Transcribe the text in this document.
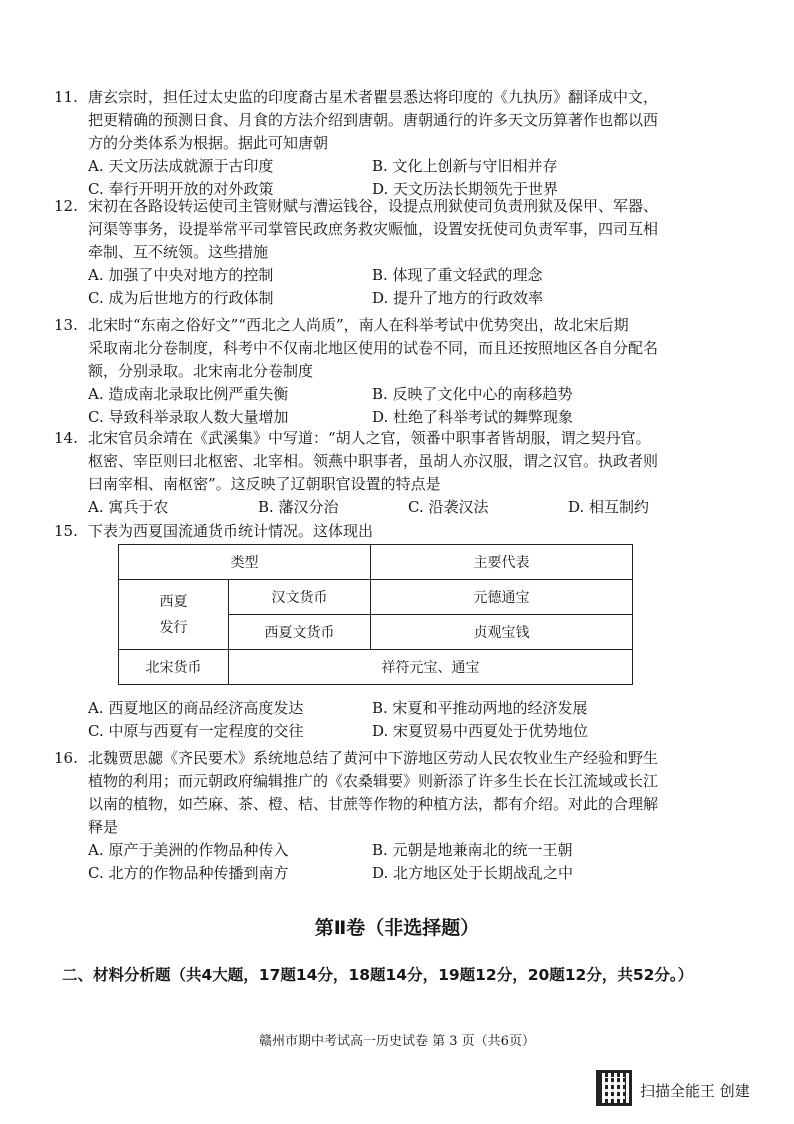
11. 唐玄宗时，担任过太史监的印度裔古星术者瞿昙悉达将印度的《九执历》翻译成中文，
把更精确的预测日食、月食的方法介绍到唐朝。唐朝通行的许多天文历算著作也都以西
方的分类体系为根据。据此可知唐朝
A. 天文历法成就源于古印度	B. 文化上创新与守旧相并存
C. 奉行开明开放的对外政策	D. 天文历法长期领先于世界
12. 宋初在各路设转运使司主管财赋与漕运钱谷，设提点刑狱使司负责刑狱及保甲、军器、
河渠等事务，设提举常平司掌管民政庶务救灾赈恤，设置安抚使司负责军事，四司互相
牵制、互不统领。这些措施
A. 加强了中央对地方的控制	B. 体现了重文轻武的理念
C. 成为后世地方的行政体制	D. 提升了地方的行政效率
13. 北宋时“东南之俗好文”“西北之人尚质”，南人在科举考试中优势突出，故北宋后期
采取南北分卷制度，科考中不仅南北地区使用的试卷不同，而且还按照地区各自分配名
额，分别录取。北宋南北分卷制度
A. 造成南北录取比例严重失衡	B. 反映了文化中心的南移趋势
C. 导致科举录取人数大量增加	D. 杜绝了科举考试的舞弊现象
14. 北宋官员余靖在《武溪集》中写道：“胡人之官，领番中职事者皆胡服，谓之契丹官。
枢密、宰臣则曰北枢密、北宰相。领燕中职事者，虽胡人亦汉服，谓之汉官。执政者则
曰南宰相、南枢密”。这反映了辽朝职官设置的特点是
A. 寓兵于农	B. 藩汉分治	C. 沿袭汉法	D. 相互制约
15. 下表为西夏国流通货币统计情况。这体现出
类型		主要代表
西夏
发行	汉文货币	元德通宝
	西夏文货币	贞观宝钱
北宋货币	祥符元宝、通宝	
A. 西夏地区的商品经济高度发达	B. 宋夏和平推动两地的经济发展
C. 中原与西夏有一定程度的交往	D. 宋夏贸易中西夏处于优势地位
16. 北魏贾思勰《齐民要术》系统地总结了黄河中下游地区劳动人民农牧业生产经验和野生
植物的利用；而元朝政府编辑推广的《农桑辑要》则新添了许多生长在长江流域或长江
以南的植物，如苎麻、茶、橙、桔、甘蔗等作物的种植方法，都有介绍。对此的合理解
释是
A. 原产于美洲的作物品种传入	B. 元朝是地兼南北的统一王朝
C. 北方的作物品种传播到南方	D. 北方地区处于长期战乱之中
第Ⅱ卷（非选择题）
二、材料分析题（共4大题，17题14分，18题14分，19题12分，20题12分，共52分。）
赣州市期中考试高一历史试卷 第 3 页（共6页）
扫描全能王 创建
